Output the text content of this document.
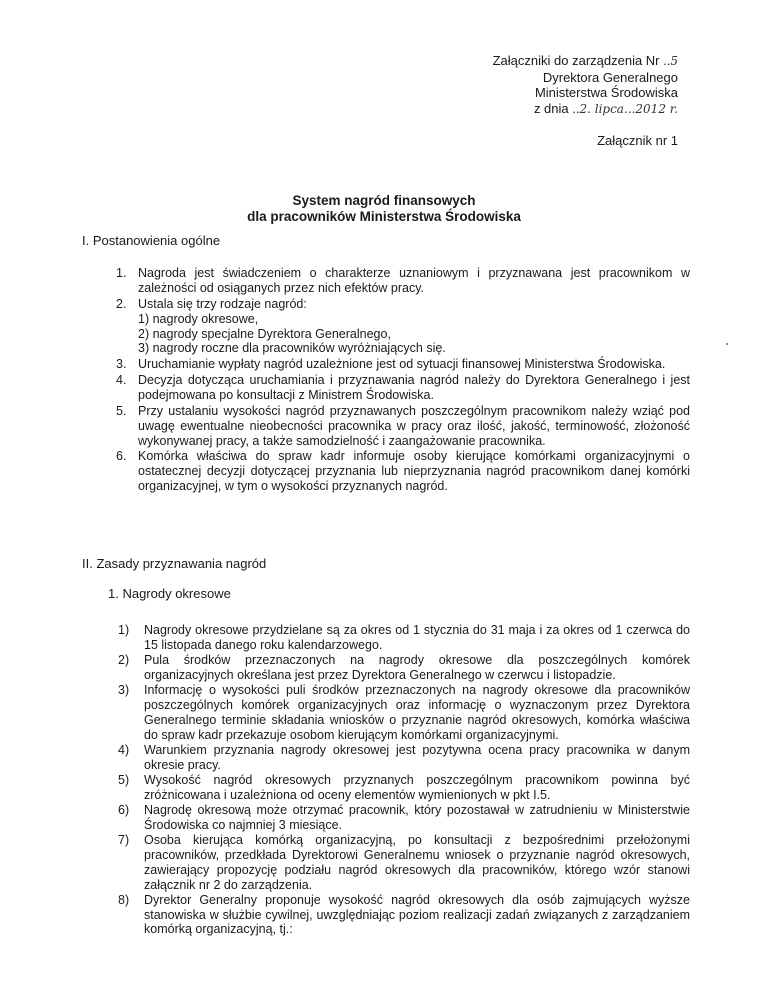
Załączniki do zarządzenia Nr ..5
Dyrektora Generalnego
Ministerstwa Środowiska
z dnia ..2. lipca...2012 r.
Załącznik nr 1
System nagród finansowych
dla pracowników Ministerstwa Środowiska
I. Postanowienia ogólne
1. Nagroda jest świadczeniem o charakterze uznaniowym i przyznawana jest pracownikom w zależności od osiąganych przez nich efektów pracy.
2. Ustala się trzy rodzaje nagród:
1) nagrody okresowe,
2) nagrody specjalne Dyrektora Generalnego,
3) nagrody roczne dla pracowników wyróżniających się.
3. Uruchamianie wypłaty nagród uzależnione jest od sytuacji finansowej Ministerstwa Środowiska.
4. Decyzja dotycząca uruchamiania i przyznawania nagród należy do Dyrektora Generalnego i jest podejmowana po konsultacji z Ministrem Środowiska.
5. Przy ustalaniu wysokości nagród przyznawanych poszczególnym pracownikom należy wziąć pod uwagę ewentualne nieobecności pracownika w pracy oraz ilość, jakość, terminowość, złożoność wykonywanej pracy, a także samodzielność i zaangażowanie pracownika.
6. Komórka właściwa do spraw kadr informuje osoby kierujące komórkami organizacyjnymi o ostatecznej decyzji dotyczącej przyznania lub nieprzyznania nagród pracownikom danej komórki organizacyjnej, w tym o wysokości przyznanych nagród.
II. Zasady przyznawania nagród
1. Nagrody okresowe
1) Nagrody okresowe przydzielane są za okres od 1 stycznia do 31 maja i za okres od 1 czerwca do 15 listopada danego roku kalendarzowego.
2) Pula środków przeznaczonych na nagrody okresowe dla poszczególnych komórek organizacyjnych określana jest przez Dyrektora Generalnego w czerwcu i listopadzie.
3) Informację o wysokości puli środków przeznaczonych na nagrody okresowe dla pracowników poszczególnych komórek organizacyjnych oraz informację o wyznaczonym przez Dyrektora Generalnego terminie składania wniosków o przyznanie nagród okresowych, komórka właściwa do spraw kadr przekazuje osobom kierującym komórkami organizacyjnymi.
4) Warunkiem przyznania nagrody okresowej jest pozytywna ocena pracy pracownika w danym okresie pracy.
5) Wysokość nagród okresowych przyznanych poszczególnym pracownikom powinna być zróżnicowana i uzależniona od oceny elementów wymienionych w pkt I.5.
6) Nagrodę okresową może otrzymać pracownik, który pozostawał w zatrudnieniu w Ministerstwie Środowiska co najmniej 3 miesiące.
7) Osoba kierująca komórką organizacyjną, po konsultacji z bezpośrednimi przełożonymi pracowników, przedkłada Dyrektorowi Generalnemu wniosek o przyznanie nagród okresowych, zawierający propozycję podziału nagród okresowych dla pracowników, którego wzór stanowi załącznik nr 2 do zarządzenia.
8) Dyrektor Generalny proponuje wysokość nagród okresowych dla osób zajmujących wyższe stanowiska w służbie cywilnej, uwzględniając poziom realizacji zadań związanych z zarządzaniem komórką organizacyjną, tj.:
